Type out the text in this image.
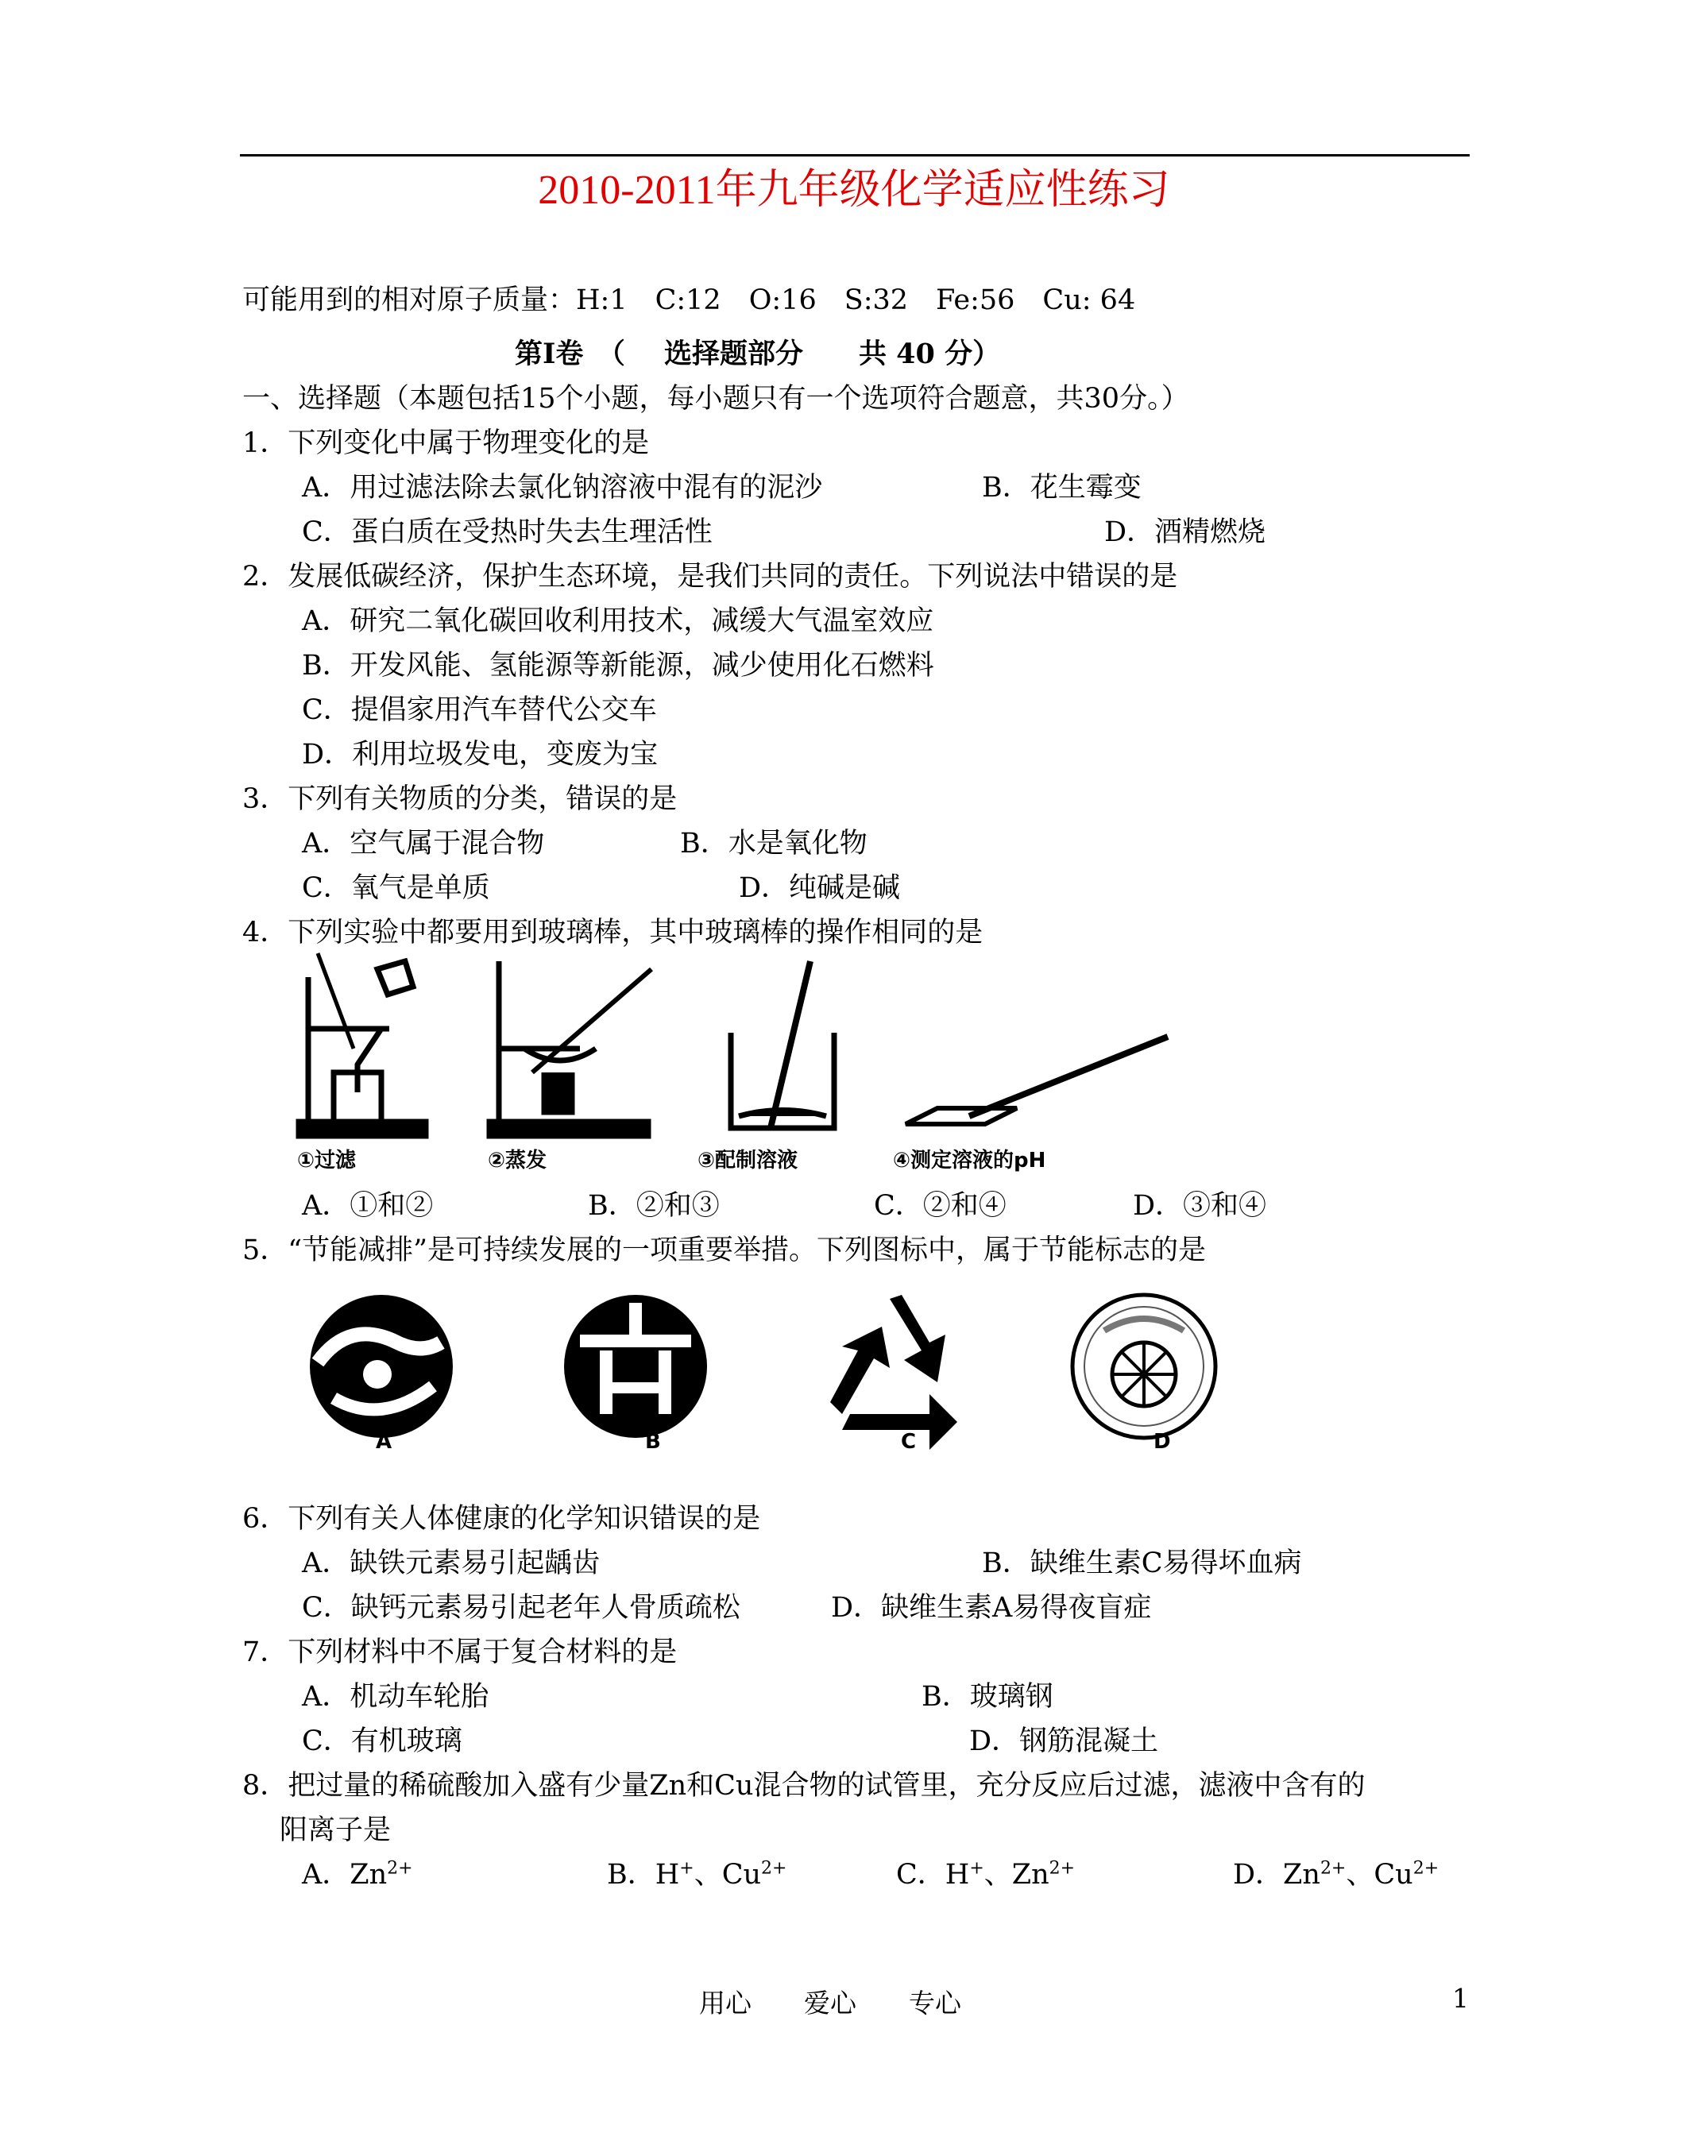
2010-2011年九年级化学适应性练习
可能用到的相对原子质量：H:1　C:12　O:16　S:32　Fe:56　Cu: 64
第I卷　（ 选择题部分　　共 40 分）
一、选择题（本题包括15个小题，每小题只有一个选项符合题意，共30分。）
1．下列变化中属于物理变化的是
A．用过滤法除去氯化钠溶液中混有的泥沙	B．花生霉变
C．蛋白质在受热时失去生理活性	D．酒精燃烧
2．发展低碳经济，保护生态环境，是我们共同的责任。下列说法中错误的是
A．研究二氧化碳回收利用技术，减缓大气温室效应
B．开发风能、氢能源等新能源，减少使用化石燃料
C．提倡家用汽车替代公交车
D．利用垃圾发电，变废为宝
3．下列有关物质的分类，错误的是
A．空气属于混合物	B．水是氧化物
C．氧气是单质	D．纯碱是碱
4．下列实验中都要用到玻璃棒，其中玻璃棒的操作相同的是
①过滤	②蒸发	③配制溶液	④测定溶液的pH
A．①和②	B．②和③	C．②和④	D．③和④
5．“节能减排”是可持续发展的一项重要举措。下列图标中，属于节能标志的是
A	B	C	D
6．下列有关人体健康的化学知识错误的是
A．缺铁元素易引起龋齿	B．缺维生素C易得坏血病
C．缺钙元素易引起老年人骨质疏松	D．缺维生素A易得夜盲症
7．下列材料中不属于复合材料的是
A．机动车轮胎	B．玻璃钢
C．有机玻璃	D．钢筋混凝土
8．把过量的稀硫酸加入盛有少量Zn和Cu混合物的试管里，充分反应后过滤，滤液中含有的
阳离子是
A．$Zn^{2+}$	B．H+、$Cu^{2+}$	C．H+、$Zn^{2+}$	D．$Zn^{2+}$、$Cu^{2+}$
用心 爱心 专心	1
